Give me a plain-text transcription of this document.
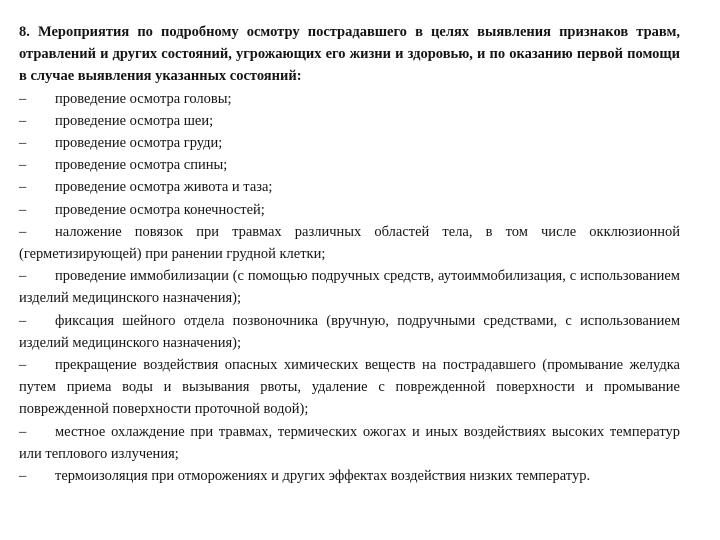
8. Мероприятия по подробному осмотру пострадавшего в целях выявления признаков травм, отравлений и других состояний, угрожающих его жизни и здоровью, и по оказанию первой помощи в случае выявления указанных состояний:

– проведение осмотра головы;

– проведение осмотра шеи;

– проведение осмотра груди;

– проведение осмотра спины;

– проведение осмотра живота и таза;

– проведение осмотра конечностей;

– наложение повязок при травмах различных областей тела, в том числе окклюзионной (герметизирующей) при ранении грудной клетки;

– проведение иммобилизации (с помощью подручных средств, аутоиммобилизация, с использованием изделий медицинского назначения);

– фиксация шейного отдела позвоночника (вручную, подручными средствами, с использованием изделий медицинского назначения);

– прекращение воздействия опасных химических веществ на пострадавшего (промывание желудка путем приема воды и вызывания рвоты, удаление с поврежденной поверхности и промывание поврежденной поверхности проточной водой);

– местное охлаждение при травмах, термических ожогах и иных воздействиях высоких температур или теплового излучения;

– термоизоляция при отморожениях и других эффектах воздействия низких температур.
